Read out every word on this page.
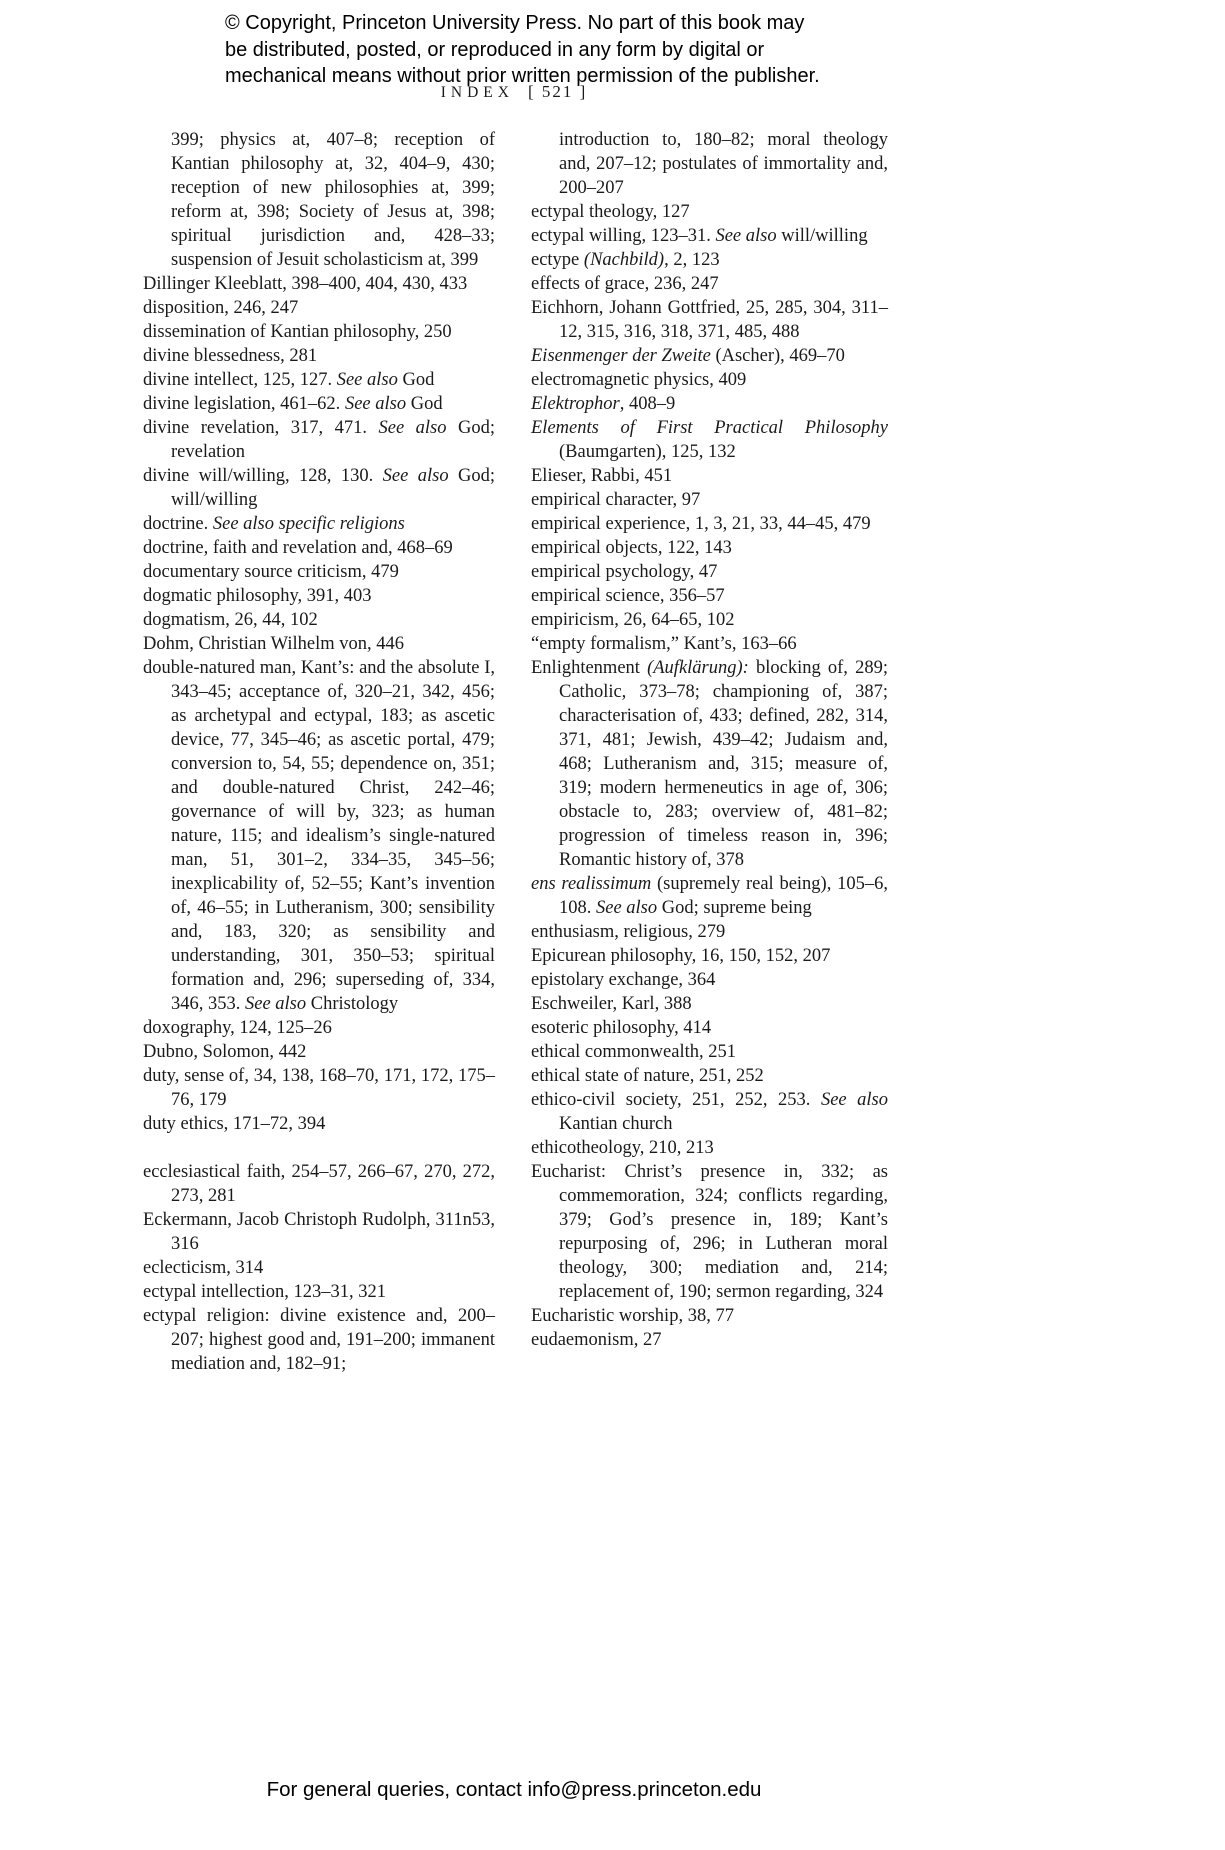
© Copyright, Princeton University Press. No part of this book may be distributed, posted, or reproduced in any form by digital or mechanical means without prior written permission of the publisher.
INDEX [ 521 ]

399; physics at, 407–8; reception of Kantian philosophy at, 32, 404–9, 430; reception of new philosophies at, 399; reform at, 398; Society of Jesus at, 398; spiritual jurisdiction and, 428–33; suspension of Jesuit scholasticism at, 399

Dillinger Kleeblatt, 398–400, 404, 430, 433

disposition, 246, 247

dissemination of Kantian philosophy, 250

divine blessedness, 281

divine intellect, 125, 127. See also God

divine legislation, 461–62. See also God

divine revelation, 317, 471. See also God; revelation

divine will/willing, 128, 130. See also God; will/willing

doctrine. See also specific religions

doctrine, faith and revelation and, 468–69

documentary source criticism, 479

dogmatic philosophy, 391, 403

dogmatism, 26, 44, 102

Dohm, Christian Wilhelm von, 446

double-natured man, Kant’s: and the absolute I, 343–45; acceptance of, 320–21, 342, 456; as archetypal and ectypal, 183; as ascetic device, 77, 345–46; as ascetic portal, 479; conversion to, 54, 55; dependence on, 351; and double-natured Christ, 242–46; governance of will by, 323; as human nature, 115; and idealism’s single-natured man, 51, 301–2, 334–35, 345–56; inexplicability of, 52–55; Kant’s invention of, 46–55; in Lutheranism, 300; sensibility and, 183, 320; as sensibility and understanding, 301, 350–53; spiritual formation and, 296; superseding of, 334, 346, 353. See also Christology

doxography, 124, 125–26

Dubno, Solomon, 442

duty, sense of, 34, 138, 168–70, 171, 172, 175–76, 179

duty ethics, 171–72, 394

ecclesiastical faith, 254–57, 266–67, 270, 272, 273, 281

Eckermann, Jacob Christoph Rudolph, 311n53, 316

eclecticism, 314

ectypal intellection, 123–31, 321

ectypal religion: divine existence and, 200–207; highest good and, 191–200; immanent mediation and, 182–91;

introduction to, 180–82; moral theology and, 207–12; postulates of immortality and, 200–207

ectypal theology, 127

ectypal willing, 123–31. See also will/willing

ectype (Nachbild), 2, 123

effects of grace, 236, 247

Eichhorn, Johann Gottfried, 25, 285, 304, 311–12, 315, 316, 318, 371, 485, 488

Eisenmenger der Zweite (Ascher), 469–70

electromagnetic physics, 409

Elektrophor, 408–9

Elements of First Practical Philosophy (Baumgarten), 125, 132

Elieser, Rabbi, 451

empirical character, 97

empirical experience, 1, 3, 21, 33, 44–45, 479

empirical objects, 122, 143

empirical psychology, 47

empirical science, 356–57

empiricism, 26, 64–65, 102

“empty formalism,” Kant’s, 163–66

Enlightenment (Aufklärung): blocking of, 289; Catholic, 373–78; championing of, 387; characterisation of, 433; defined, 282, 314, 371, 481; Jewish, 439–42; Judaism and, 468; Lutheranism and, 315; measure of, 319; modern hermeneutics in age of, 306; obstacle to, 283; overview of, 481–82; progression of timeless reason in, 396; Romantic history of, 378

ens realissimum (supremely real being), 105–6, 108. See also God; supreme being

enthusiasm, religious, 279

Epicurean philosophy, 16, 150, 152, 207

epistolary exchange, 364

Eschweiler, Karl, 388

esoteric philosophy, 414

ethical commonwealth, 251

ethical state of nature, 251, 252

ethico-civil society, 251, 252, 253. See also Kantian church

ethicotheology, 210, 213

Eucharist: Christ’s presence in, 332; as commemoration, 324; conflicts regarding, 379; God’s presence in, 189; Kant’s repurposing of, 296; in Lutheran moral theology, 300; mediation and, 214; replacement of, 190; sermon regarding, 324

Eucharistic worship, 38, 77

eudaemonism, 27

For general queries, contact info@press.princeton.edu
